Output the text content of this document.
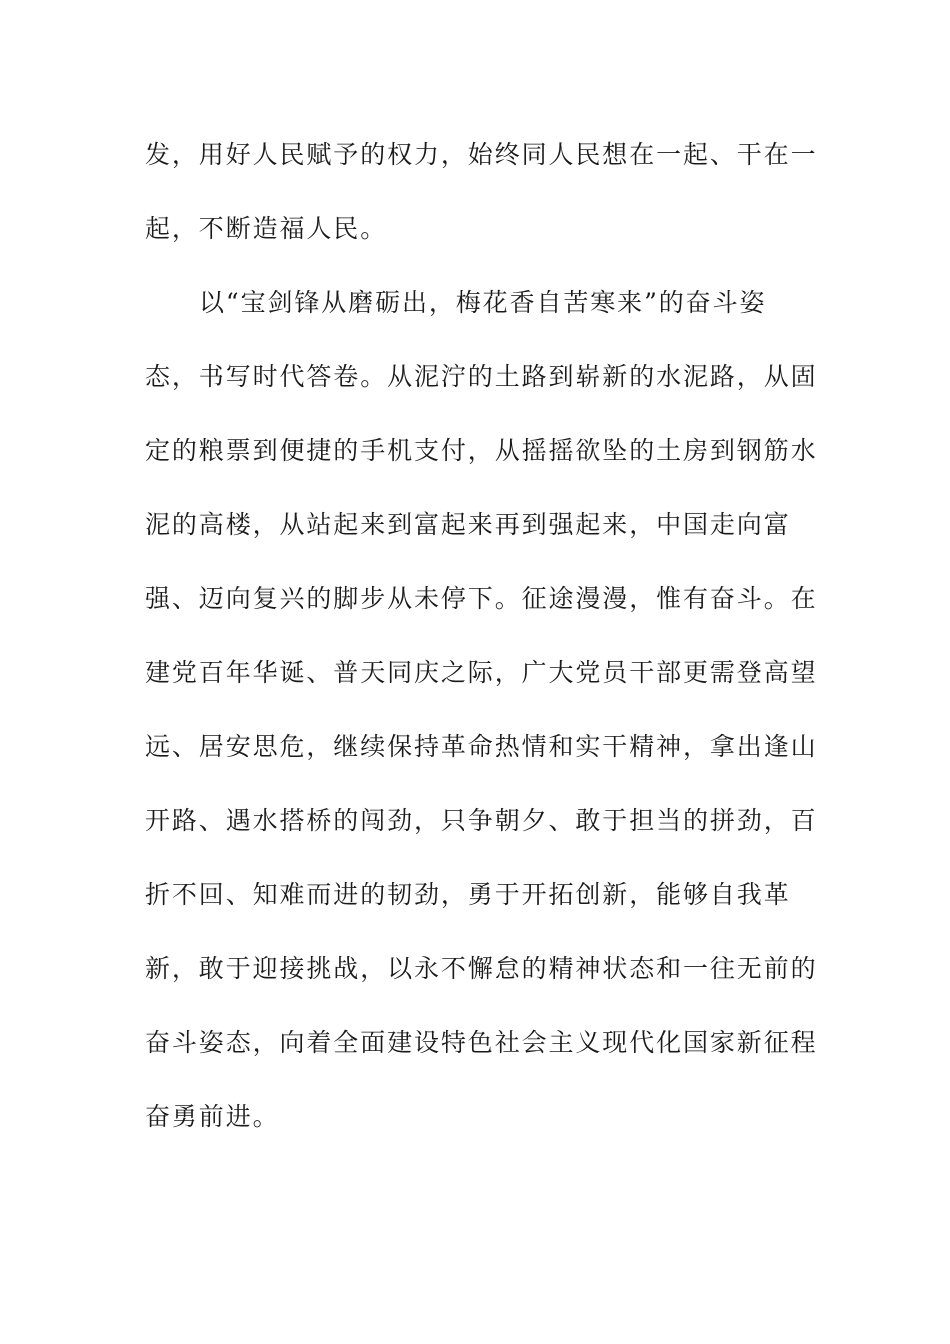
发，用好人民赋予的权力，始终同人民想在一起、干在一
起，不断造福人民。
以“宝剑锋从磨砺出，梅花香自苦寒来”的奋斗姿
态，书写时代答卷。从泥泞的土路到崭新的水泥路，从固
定的粮票到便捷的手机支付，从摇摇欲坠的土房到钢筋水
泥的高楼，从站起来到富起来再到强起来，中国走向富
强、迈向复兴的脚步从未停下。征途漫漫，惟有奋斗。在
建党百年华诞、普天同庆之际，广大党员干部更需登高望
远、居安思危，继续保持革命热情和实干精神，拿出逢山
开路、遇水搭桥的闯劲，只争朝夕、敢于担当的拼劲，百
折不回、知难而进的韧劲，勇于开拓创新，能够自我革
新，敢于迎接挑战，以永不懈怠的精神状态和一往无前的
奋斗姿态，向着全面建设特色社会主义现代化国家新征程
奋勇前进。
